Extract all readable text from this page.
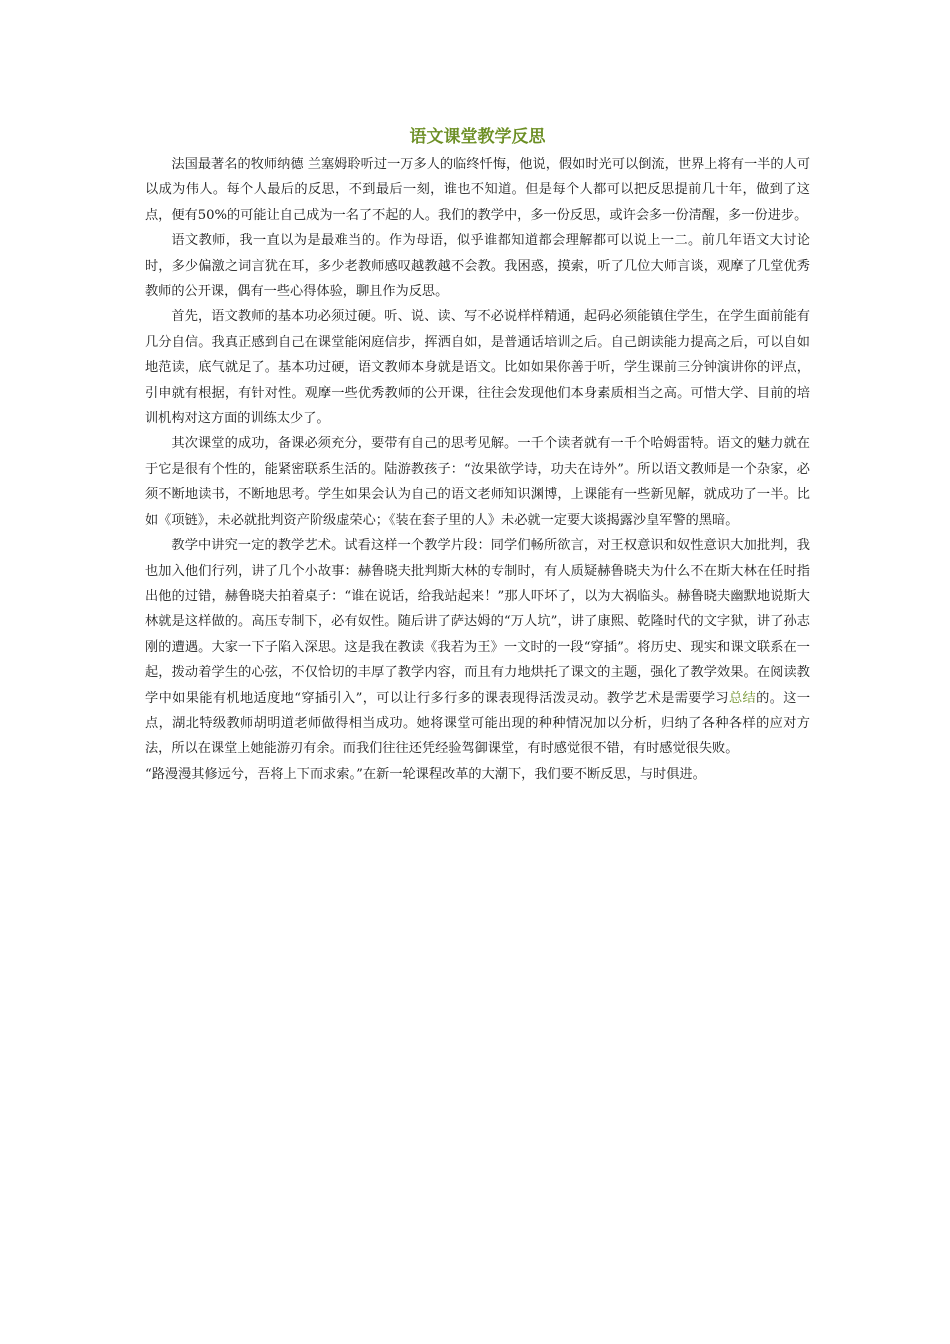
语文课堂教学反思

法国最著名的牧师纳德 兰塞姆聆听过一万多人的临终忏悔，他说，假如时光可以倒流，世界上将有一半的人可以成为伟人。每个人最后的反思，不到最后一刻，谁也不知道。但是每个人都可以把反思提前几十年，做到了这点，便有50%的可能让自己成为一名了不起的人。我们的教学中，多一份反思，或许会多一份清醒，多一份进步。

语文教师，我一直以为是最难当的。作为母语，似乎谁都知道都会理解都可以说上一二。前几年语文大讨论时，多少偏激之词言犹在耳，多少老教师感叹越教越不会教。我困惑，摸索，听了几位大师言谈，观摩了几堂优秀教师的公开课，偶有一些心得体验，聊且作为反思。

首先，语文教师的基本功必须过硬。听、说、读、写不必说样样精通，起码必须能镇住学生，在学生面前能有几分自信。我真正感到自己在课堂能闲庭信步，挥洒自如，是普通话培训之后。自己朗读能力提高之后，可以自如地范读，底气就足了。基本功过硬，语文教师本身就是语文。比如如果你善于听，学生课前三分钟演讲你的评点，引申就有根据，有针对性。观摩一些优秀教师的公开课，往往会发现他们本身素质相当之高。可惜大学、目前的培训机构对这方面的训练太少了。

其次课堂的成功，备课必须充分，要带有自己的思考见解。一千个读者就有一千个哈姆雷特。语文的魅力就在于它是很有个性的，能紧密联系生活的。陆游教孩子：“汝果欲学诗，功夫在诗外”。所以语文教师是一个杂家，必须不断地读书，不断地思考。学生如果会认为自己的语文老师知识渊博，上课能有一些新见解，就成功了一半。比如《项链》，未必就批判资产阶级虚荣心；《装在套子里的人》未必就一定要大谈揭露沙皇军警的黑暗。

教学中讲究一定的教学艺术。试看这样一个教学片段：同学们畅所欲言，对王权意识和奴性意识大加批判，我也加入他们行列，讲了几个小故事：赫鲁晓夫批判斯大林的专制时，有人质疑赫鲁晓夫为什么不在斯大林在任时指出他的过错，赫鲁晓夫拍着桌子：“谁在说话，给我站起来！”那人吓坏了，以为大祸临头。赫鲁晓夫幽默地说斯大林就是这样做的。高压专制下，必有奴性。随后讲了萨达姆的“万人坑”，讲了康熙、乾隆时代的文字狱，讲了孙志刚的遭遇。大家一下子陷入深思。这是我在教读《我若为王》一文时的一段“穿插”。将历史、现实和课文联系在一起，拨动着学生的心弦，不仅恰切的丰厚了教学内容，而且有力地烘托了课文的主题，强化了教学效果。在阅读教学中如果能有机地适度地“穿插引入”，可以让行多行多的课表现得活泼灵动。教学艺术是需要学习总结的。这一点，湖北特级教师胡明道老师做得相当成功。她将课堂可能出现的种种情况加以分析，归纳了各种各样的应对方法，所以在课堂上她能游刃有余。而我们往往还凭经验驾御课堂，有时感觉很不错，有时感觉很失败。

“路漫漫其修远兮，吾将上下而求索。”在新一轮课程改革的大潮下，我们要不断反思，与时俱进。
